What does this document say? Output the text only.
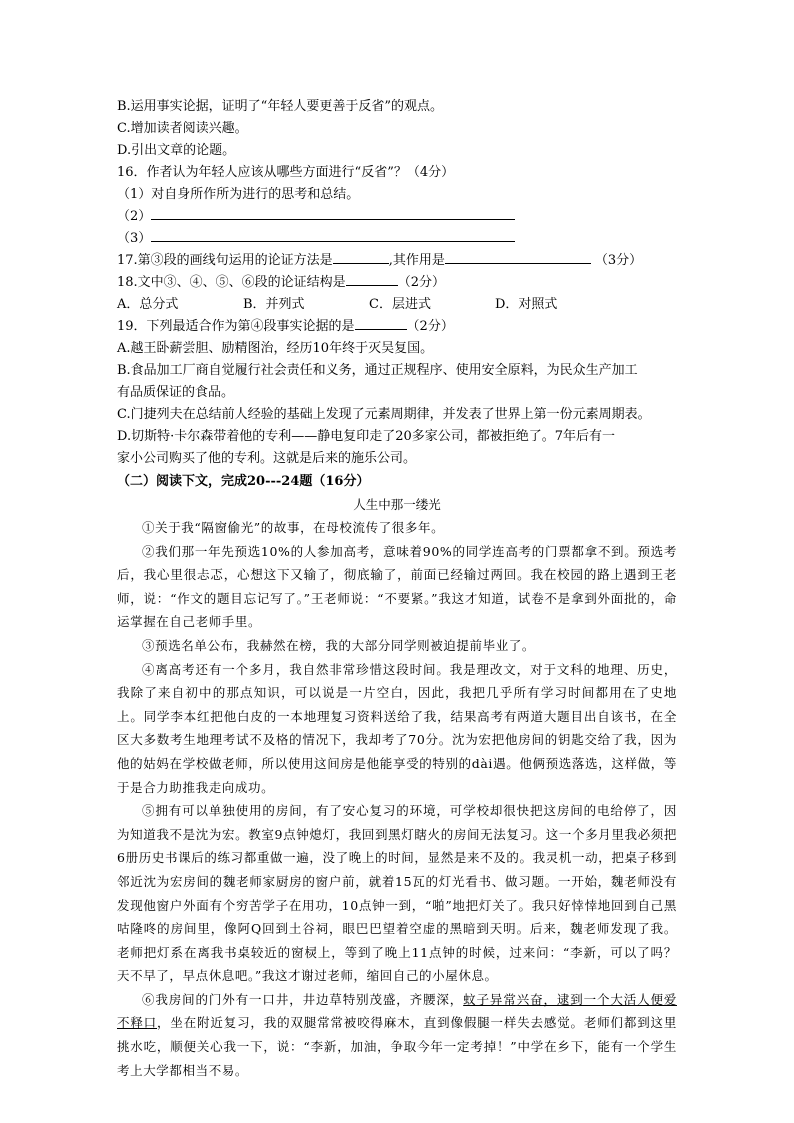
B.运用事实论据，证明了“年轻人要更善于反省”的观点。
C.增加读者阅读兴趣。
D.引出文章的论题。
16．作者认为年轻人应该从哪些方面进行“反省”？（4分）
（1）对自身所作所为进行的思考和总结。
（2）
（3）
17.第③段的画线句运用的论证方法是	,其作用是	（3分）
18.文中③、④、⑤、⑥段的论证结构是	（2分）
A．总分式	B．并列式	C．层进式	D．对照式
19．下列最适合作为第④段事实论据的是	（2分）
A.越王卧薪尝胆、励精图治，经历10年终于灭吴复国。
B.食品加工厂商自觉履行社会责任和义务，通过正规程序、使用安全原料，为民众生产加工
有品质保证的食品。
C.门捷列夫在总结前人经验的基础上发现了元素周期律，并发表了世界上第一份元素周期表。
D.切斯特·卡尔森带着他的专利——静电复印走了20多家公司，都被拒绝了。7年后有一
家小公司购买了他的专利。这就是后来的施乐公司。
（二）阅读下文，完成20---24题（16分）
人生中那一缕光
①关于我“隔窗偷光”的故事，在母校流传了很多年。
②我们那一年先预选10%的人参加高考，意味着90%的同学连高考的门票都拿不到。预选考后，我心里很忐忑，心想这下又输了，彻底输了，前面已经输过两回。我在校园的路上遇到王老师，说：“作文的题目忘记写了。”王老师说：“不要紧。”我这才知道，试卷不是拿到外面批的，命运掌握在自己老师手里。
③预选名单公布，我赫然在榜，我的大部分同学则被迫提前毕业了。
④离高考还有一个多月，我自然非常珍惜这段时间。我是理改文，对于文科的地理、历史，我除了来自初中的那点知识，可以说是一片空白，因此，我把几乎所有学习时间都用在了史地上。同学李本红把他白皮的一本地理复习资料送给了我，结果高考有两道大题目出自该书，在全区大多数考生地理考试不及格的情况下，我却考了70分。沈为宏把他房间的钥匙交给了我，因为他的姑妈在学校做老师，所以使用这间房是他能享受的特别的dài遇。他俩预选落选，这样做，等于是合力助推我走向成功。
⑤拥有可以单独使用的房间，有了安心复习的环境，可学校却很快把这房间的电给停了，因为知道我不是沈为宏。教室9点钟熄灯，我回到黑灯瞎火的房间无法复习。这一个多月里我必须把6册历史书课后的练习都重做一遍，没了晚上的时间，显然是来不及的。我灵机一动，把桌子移到邻近沈为宏房间的魏老师家厨房的窗户前，就着15瓦的灯光看书、做习题。一开始，魏老师没有发现他窗户外面有个穷苦学子在用功，10点钟一到，“啪”地把灯关了。我只好悻悻地回到自己黑咕隆咚的房间里，像阿Q回到土谷祠，眼巴巴望着空虚的黑暗到天明。后来，魏老师发现了我。老师把灯系在离我书桌较近的窗棂上，等到了晚上11点钟的时候，过来问：“李新，可以了吗？天不早了，早点休息吧。”我这才谢过老师，缩回自己的小屋休息。
⑥我房间的门外有一口井，井边草特别茂盛，齐腰深，蚊子异常兴奋，逮到一个大活人便爱不释口，坐在附近复习，我的双腿常常被咬得麻木，直到像假腿一样失去感觉。老师们都到这里挑水吃，顺便关心我一下，说：“李新，加油，争取今年一定考掉！”中学在乡下，能有一个学生考上大学都相当不易。
